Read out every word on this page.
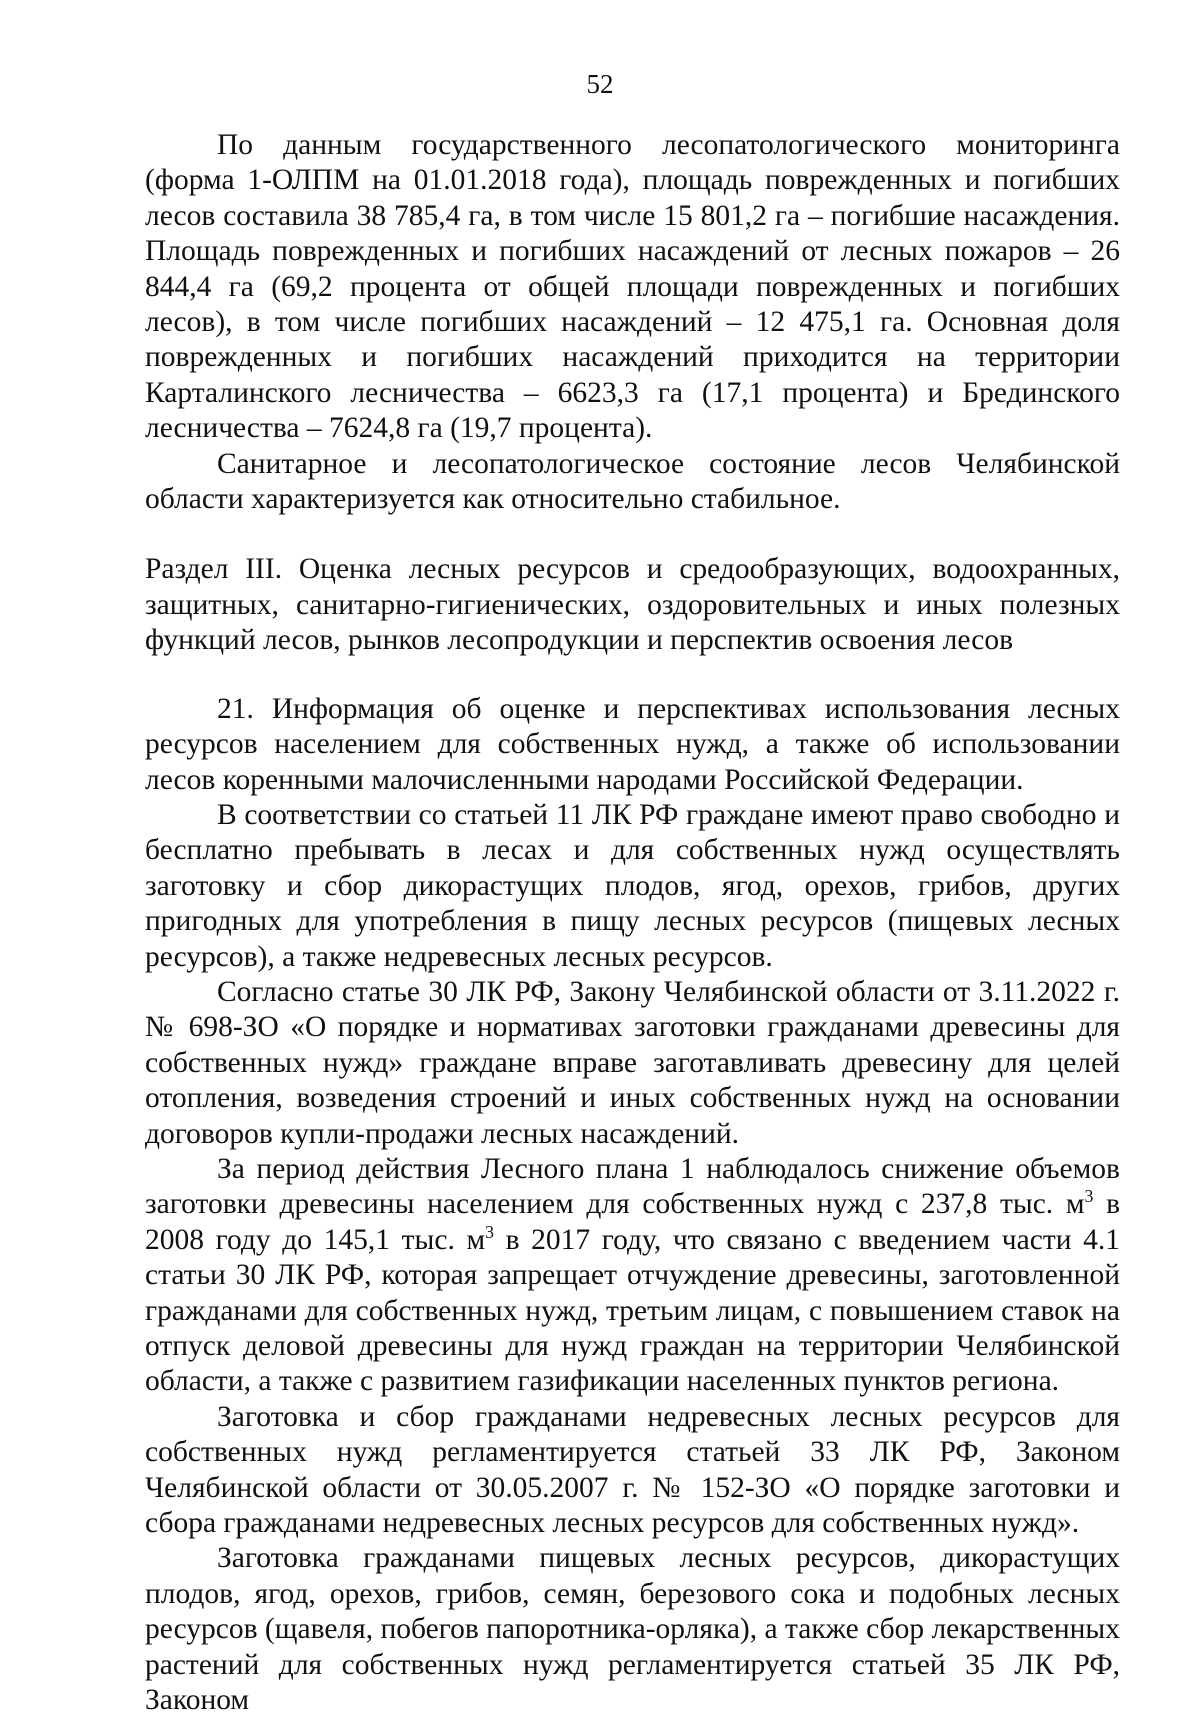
52

По данным государственного лесопатологического мониторинга (форма 1-ОЛПМ на 01.01.2018 года), площадь поврежденных и погибших лесов составила 38 785,4 га, в том числе 15 801,2 га – погибшие насаждения. Площадь поврежденных и погибших насаждений от лесных пожаров – 26 844,4 га (69,2 процента от общей площади поврежденных и погибших лесов), в том числе погибших насаждений – 12 475,1 га. Основная доля поврежденных и погибших насаждений приходится на территории Карталинского лесничества – 6623,3 га (17,1 процента) и Брединского лесничества – 7624,8 га (19,7 процента).

Санитарное и лесопатологическое состояние лесов Челябинской области характеризуется как относительно стабильное.

Раздел III. Оценка лесных ресурсов и средообразующих, водоохранных, защитных, санитарно-гигиенических, оздоровительных и иных полезных функций лесов, рынков лесопродукции и перспектив освоения лесов

21. Информация об оценке и перспективах использования лесных ресурсов населением для собственных нужд, а также об использовании лесов коренными малочисленными народами Российской Федерации.

В соответствии со статьей 11 ЛК РФ граждане имеют право свободно и бесплатно пребывать в лесах и для собственных нужд осуществлять заготовку и сбор дикорастущих плодов, ягод, орехов, грибов, других пригодных для употребления в пищу лесных ресурсов (пищевых лесных ресурсов), а также недревесных лесных ресурсов.

Согласно статье 30 ЛК РФ, Закону Челябинской области от 3.11.2022 г. № 698-ЗО «О порядке и нормативах заготовки гражданами древесины для собственных нужд» граждане вправе заготавливать древесину для целей отопления, возведения строений и иных собственных нужд на основании договоров купли-продажи лесных насаждений.

За период действия Лесного плана 1 наблюдалось снижение объемов заготовки древесины населением для собственных нужд с 237,8 тыс. $м^3$ в 2008 году до 145,1 тыс. $м^3$ в 2017 году, что связано с введением части 4.1 статьи 30 ЛК РФ, которая запрещает отчуждение древесины, заготовленной гражданами для собственных нужд, третьим лицам, с повышением ставок на отпуск деловой древесины для нужд граждан на территории Челябинской области, а также с развитием газификации населенных пунктов региона.

Заготовка и сбор гражданами недревесных лесных ресурсов для собственных нужд регламентируется статьей 33 ЛК РФ, Законом Челябинской области от 30.05.2007 г. № 152-ЗО «О порядке заготовки и сбора гражданами недревесных лесных ресурсов для собственных нужд».

Заготовка гражданами пищевых лесных ресурсов, дикорастущих плодов, ягод, орехов, грибов, семян, березового сока и подобных лесных ресурсов (щавеля, побегов папоротника-орляка), а также сбор лекарственных растений для собственных нужд регламентируется статьей 35 ЛК РФ, Законом
